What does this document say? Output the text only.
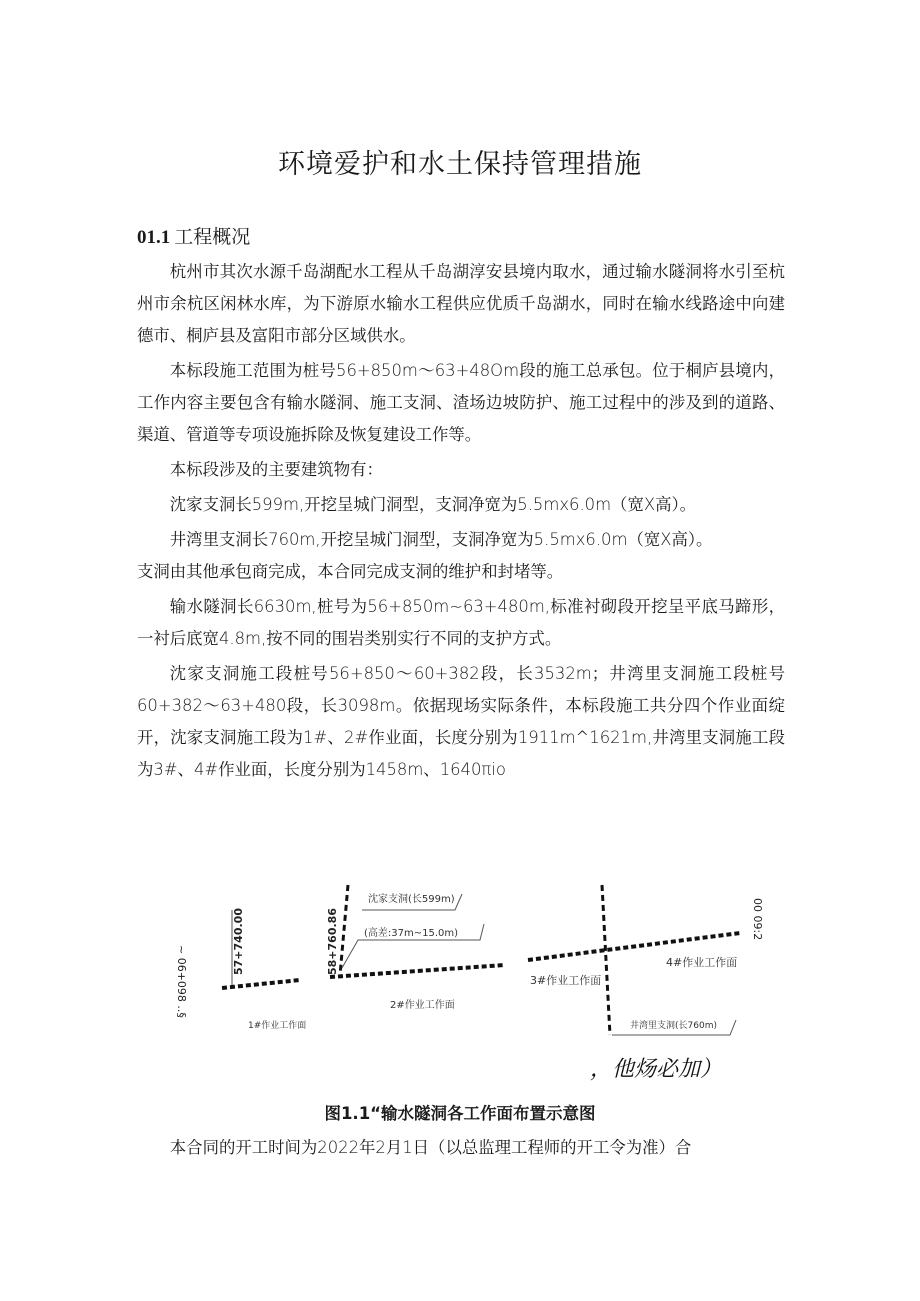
环境爱护和水土保持管理措施
01.1 工程概况

杭州市其次水源千岛湖配水工程从千岛湖淳安县境内取水，通过输水隧洞将水引至杭州市余杭区闲林水库，为下游原水输水工程供应优质千岛湖水，同时在输水线路途中向建德市、桐庐县及富阳市部分区域供水。

本标段施工范围为桩号56+850m～63+48Om段的施工总承包。位于桐庐县境内，工作内容主要包含有输水隧洞、施工支洞、渣场边坡防护、施工过程中的涉及到的道路、渠道、管道等专项设施拆除及恢复建设工作等。

本标段涉及的主要建筑物有：

沈家支洞长599m,开挖呈城门洞型，支洞净宽为5.5mx6.0m（宽X高）。

井湾里支洞长760m,开挖呈城门洞型，支洞净宽为5.5mx6.0m（宽X高）。

支洞由其他承包商完成，本合同完成支洞的维护和封堵等。

输水隧洞长6630m,桩号为56+850m~63+480m,标准衬砌段开挖呈平底马蹄形，一衬后底宽4.8m,按不同的围岩类别实行不同的支护方式。

沈家支洞施工段桩号56+850～60+382段，长3532m；井湾里支洞施工段桩号60+382～63+480段，长3098m。依据现场实际条件，本标段施工共分四个作业面绽开，沈家支洞施工段为1#、2#作业面，长度分别为1911m^1621m,井湾里支洞施工段为3#、4#作业面，长度分别为1458m、1640πio

~ 06+098 ..§
57+740.00
1#作业工作面
58+760.86
沈家支洞(长599m)
(高差:37m~15.0m)
2#作业工作面
00 09:2
3#作业工作面
4#作业工作面
井湾里支洞(长760m)
，他炀必加）
图1.1“输水隧洞各工作面布置示意图
本合同的开工时间为2022年2月1日（以总监理工程师的开工令为准）合
